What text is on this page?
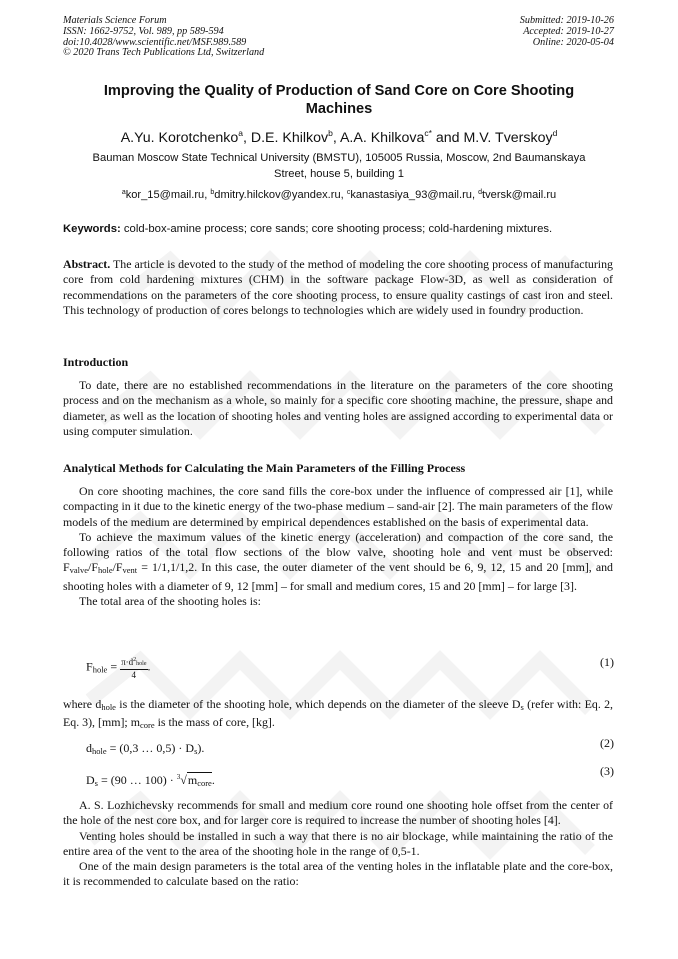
Materials Science Forum
ISSN: 1662-9752, Vol. 989, pp 589-594
doi:10.4028/www.scientific.net/MSF.989.589
© 2020 Trans Tech Publications Ltd, Switzerland
Submitted: 2019-10-26
Accepted: 2019-10-27
Online: 2020-05-04
Improving the Quality of Production of Sand Core on Core Shooting Machines
A.Yu. Korotchenko$^a$, D.E. Khilkov$^b$, A.A. Khilkova$^{c*}$ and M.V. Tverskoy$^d$
Bauman Moscow State Technical University (BMSTU), 105005 Russia, Moscow, 2nd Baumanskaya Street, house 5, building 1
$^a$kor_15@mail.ru, $^b$dmitry.hilckov@yandex.ru, $^c$kanastasiya_93@mail.ru, $^d$tversk@mail.ru
Keywords: cold-box-amine process; core sands; core shooting process; cold-hardening mixtures.

Abstract. The article is devoted to the study of the method of modeling the core shooting process of manufacturing core from cold hardening mixtures (CHM) in the software package Flow-3D, as well as consideration of recommendations on the parameters of the core shooting process, to ensure quality castings of cast iron and steel. This technology of production of cores belongs to technologies which are widely used in foundry production.

Introduction

To date, there are no established recommendations in the literature on the parameters of the core shooting process and on the mechanism as a whole, so mainly for a specific core shooting machine, the pressure, shape and diameter, as well as the location of shooting holes and venting holes are assigned according to experimental data or using computer simulation.

Analytical Methods for Calculating the Main Parameters of the Filling Process

On core shooting machines, the core sand fills the core-box under the influence of compressed air [1], while compacting in it due to the kinetic energy of the two-phase medium – sand-air [2]. The main parameters of the flow models of the medium are determined by empirical dependences established on the basis of experimental data.

To achieve the maximum values of the kinetic energy (acceleration) and compaction of the core sand, the following ratios of the total flow sections of the blow valve, shooting hole and vent must be observed: $F_{valve}/F_{hole}/F_{vent} = 1/1,1/1,2$. In this case, the outer diameter of the vent should be 6, 9, 12, 15 and 20 [mm], and shooting holes with a diameter of 9, 12 [mm] – for small and medium cores, 15 and 20 [mm] – for large [3].

The total area of the shooting holes is:

$F_{hole} = \frac{\pi\cdot d^2hole}{4}$ .	(1)

where $d_{hole}$ is the diameter of the shooting hole, which depends on the diameter of the sleeve $D_s$ (refer with: Eq. 2, Eq. 3), [mm]; $m_{core}$ is the mass of core, [kg].

$d_{hole} = (0,3$ … $0,5) \cdot D_s$).	(2)
$D_s = (90$ … $100) \cdot ^3√m_{core}$.
(3)

A. S. Lozhichevsky recommends for small and medium core round one shooting hole offset from the center of the hole of the nest core box, and for larger core is required to increase the number of shooting holes [4].

Venting holes should be installed in such a way that there is no air blockage, while maintaining the ratio of the entire area of the vent to the area of the shooting hole in the range of 0,5-1.

One of the main design parameters is the total area of the venting holes in the inflatable plate and the core-box, it is recommended to calculate based on the ratio:
